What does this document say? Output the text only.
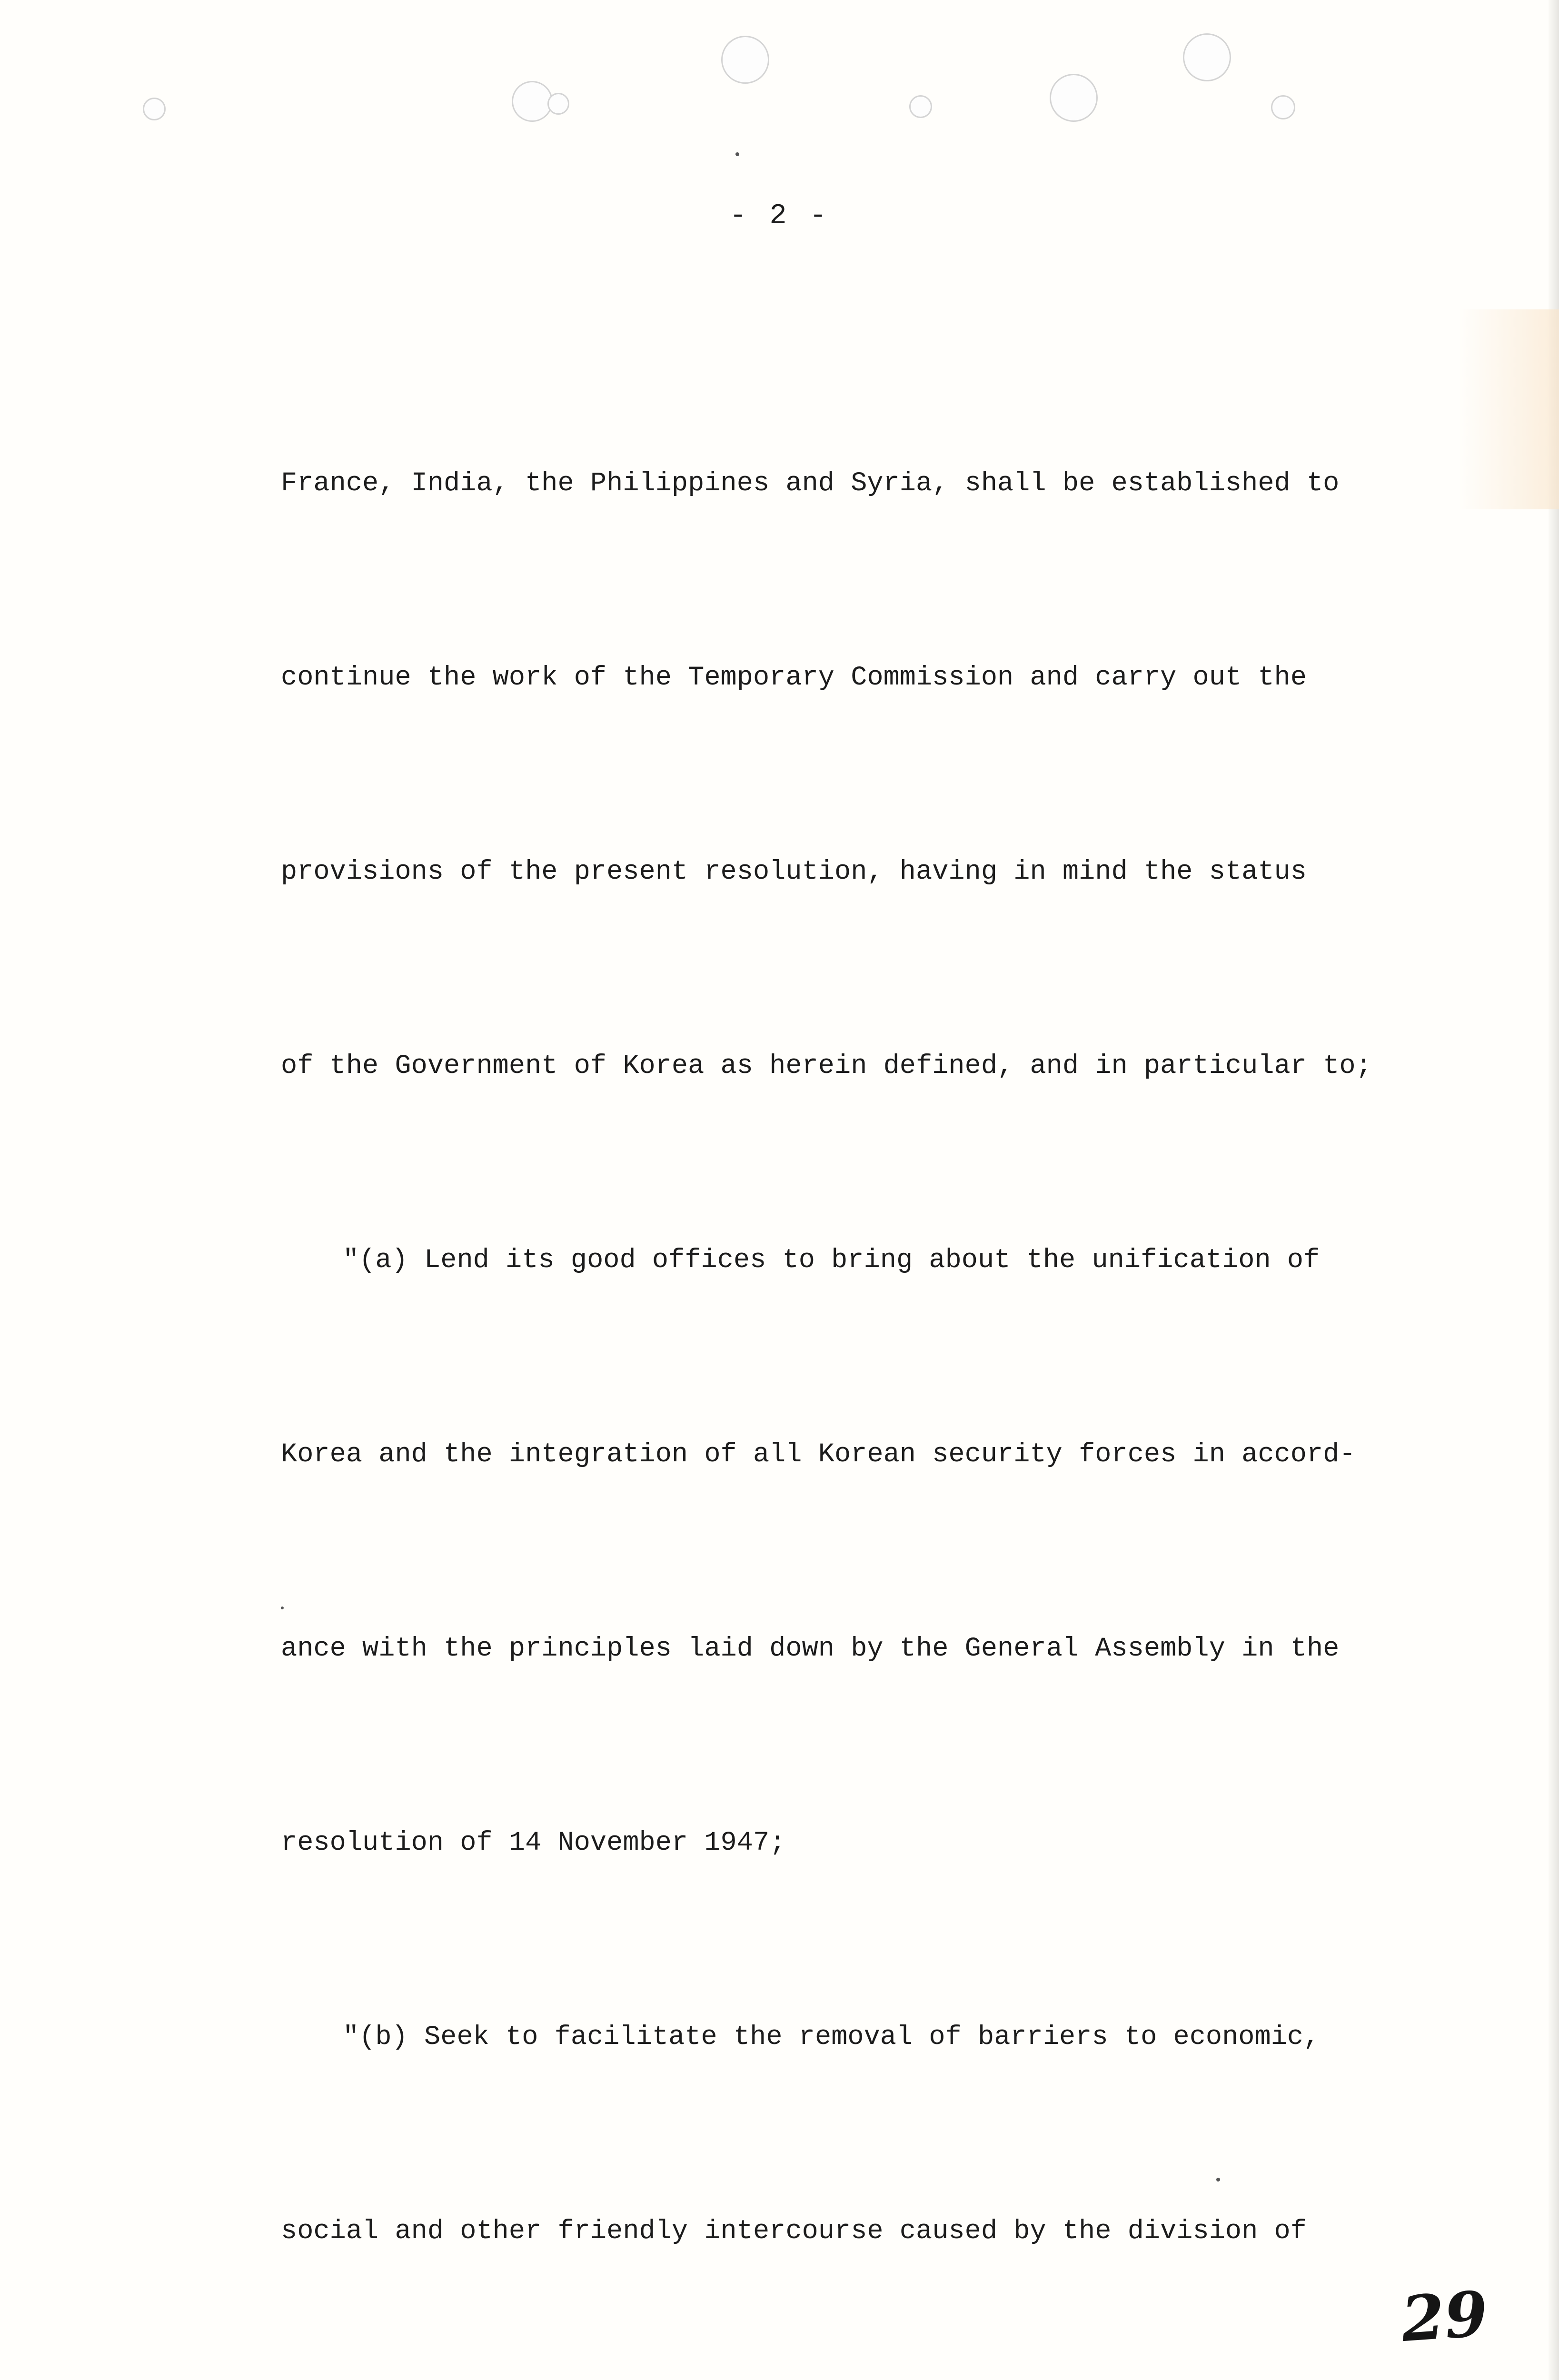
- 2 -

France, India, the Philippines and Syria, shall be established to

continue the work of the Temporary Commission and carry out the

provisions of the present resolution, having in mind the status

of the Government of Korea as herein defined, and in particular to;

"(a) Lend its good offices to bring about the unification of

Korea and the integration of all Korean security forces in accord-

ance with the principles laid down by the General Assembly in the

resolution of 14 November 1947;

"(b) Seek to facilitate the removal of barriers to economic,

social and other friendly intercourse caused by the division of

29
